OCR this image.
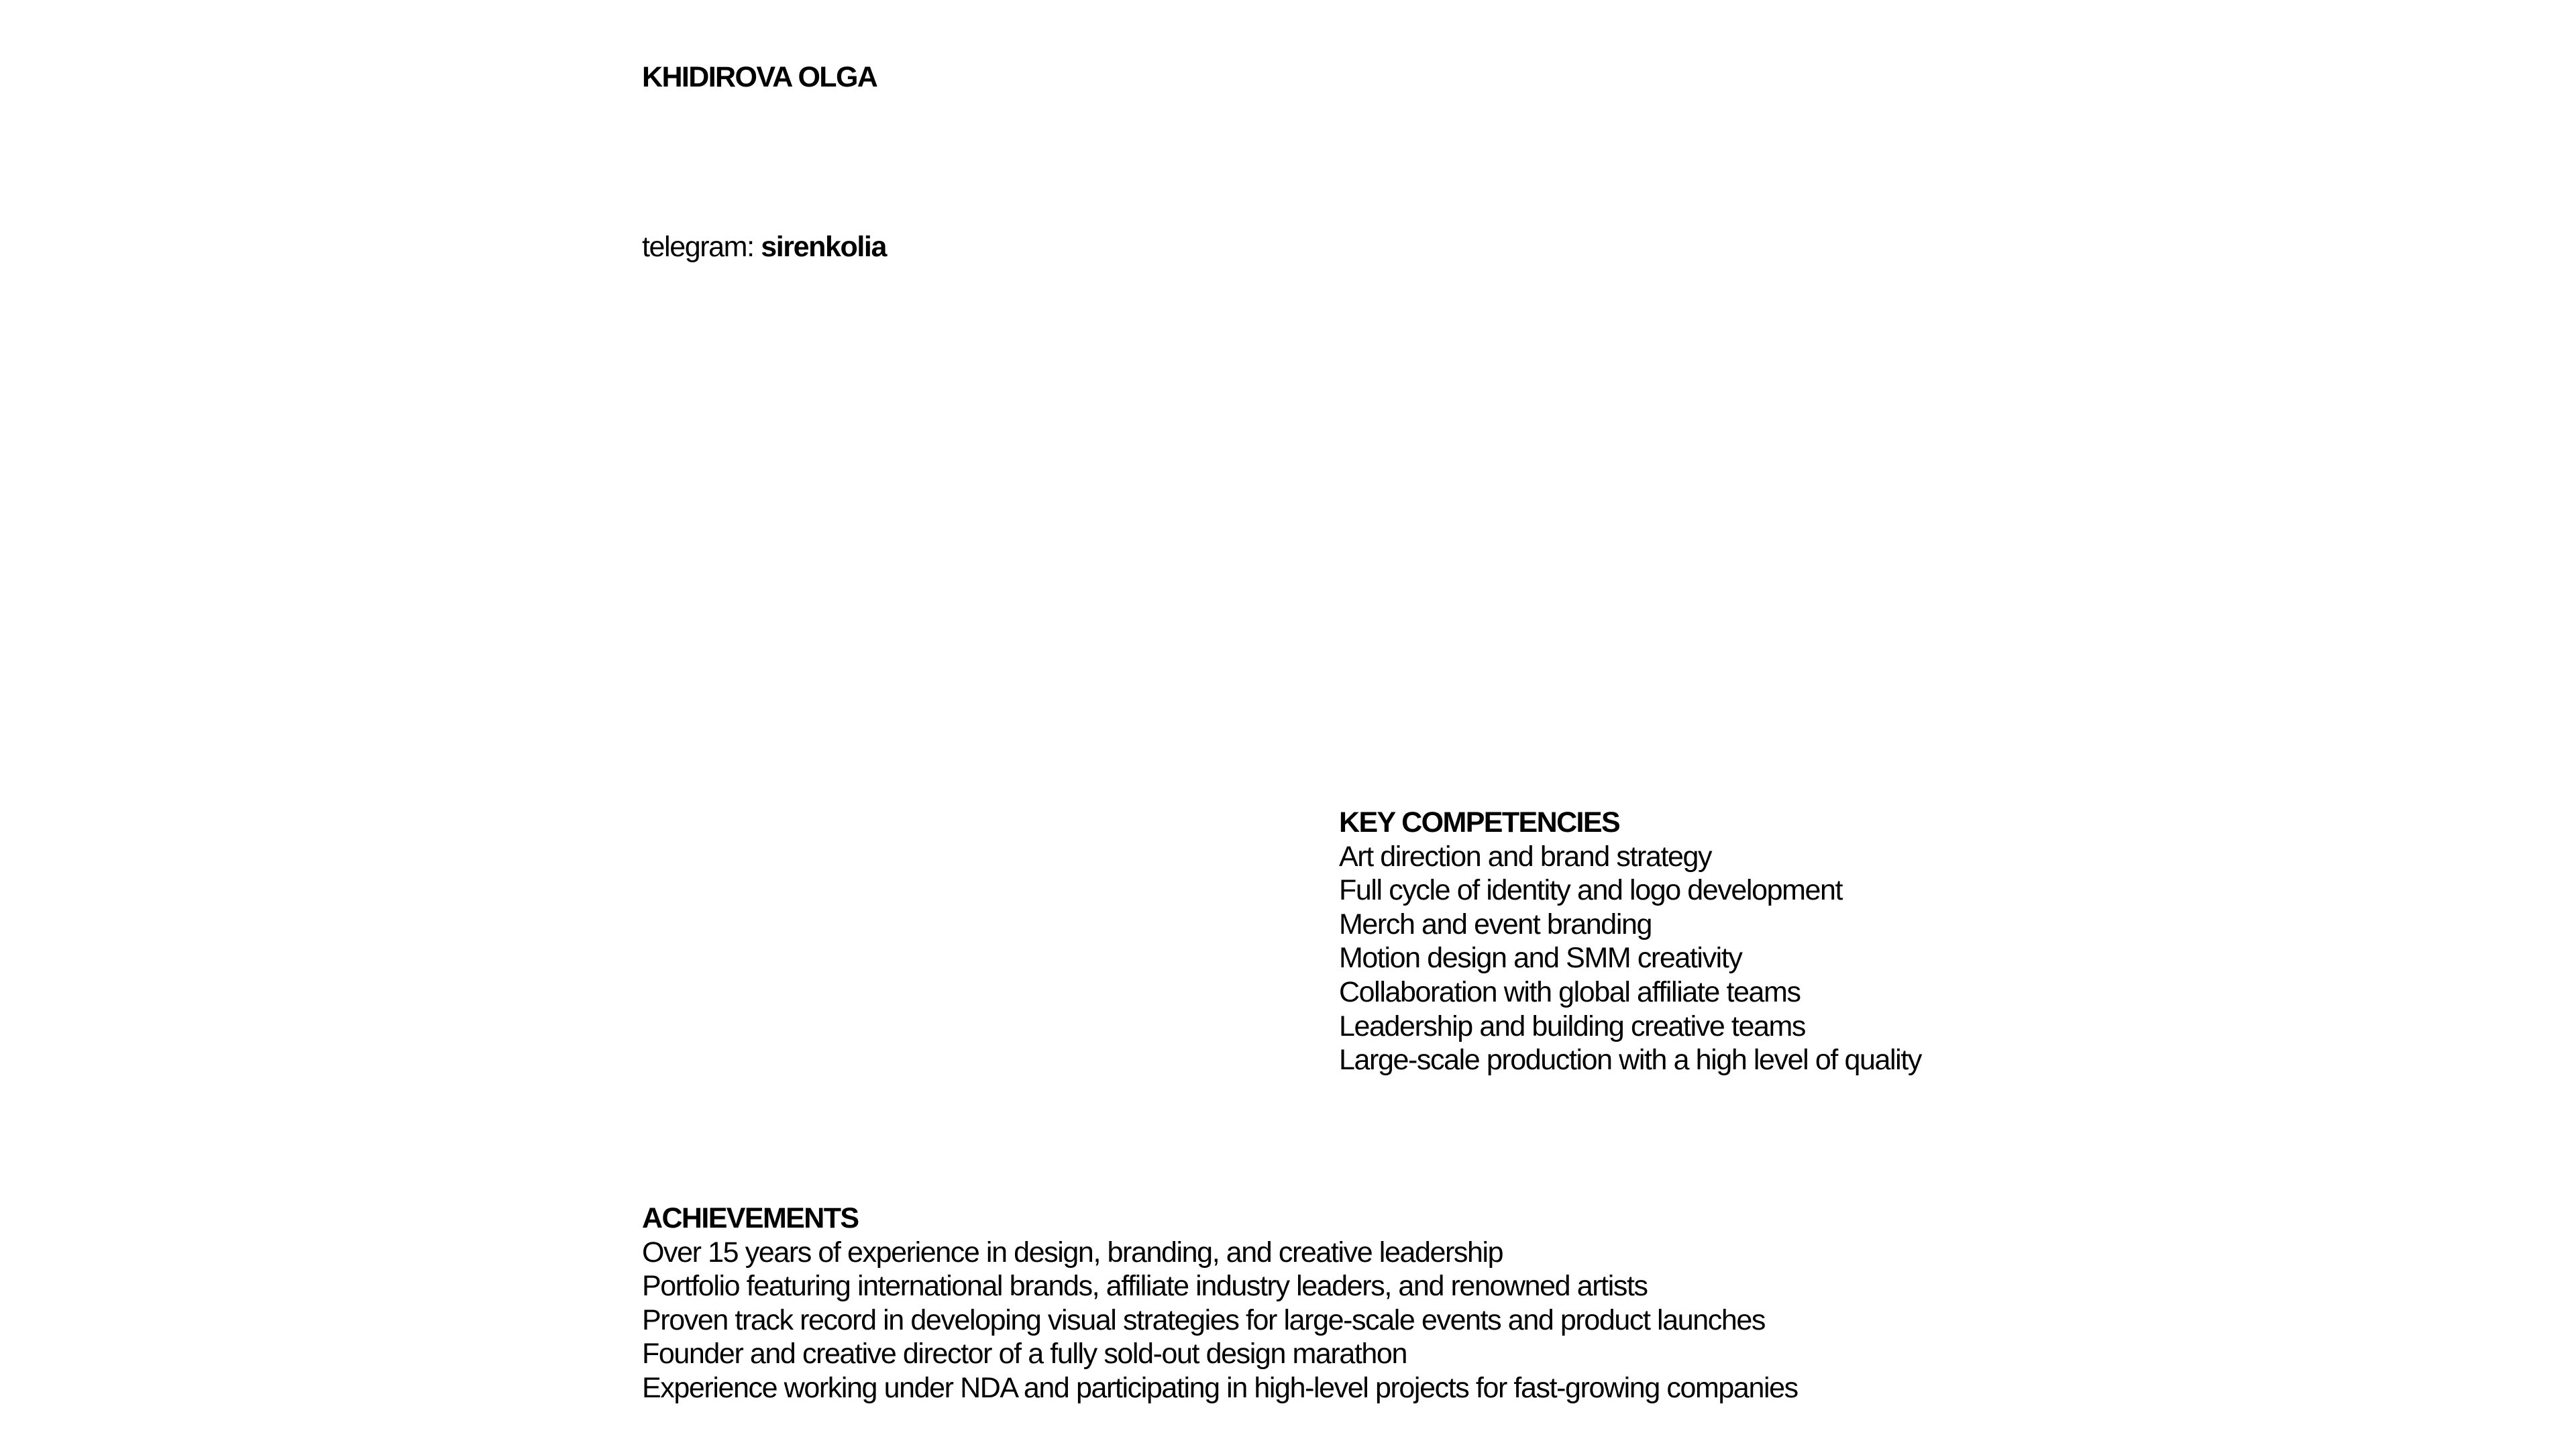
KHIDIROVA OLGA

telegram: sirenkolia

KEY COMPETENCIES
Art direction and brand strategy
Full cycle of identity and logo development
Merch and event branding
Motion design and SMM creativity
Collaboration with global affiliate teams
Leadership and building creative teams
Large-scale production with a high level of quality
ACHIEVEMENTS
Over 15 years of experience in design, branding, and creative leadership
Portfolio featuring international brands, affiliate industry leaders, and renowned artists
Proven track record in developing visual strategies for large-scale events and product launches
Founder and creative director of a fully sold-out design marathon
Experience working under NDA and participating in high-level projects for fast-growing companies
